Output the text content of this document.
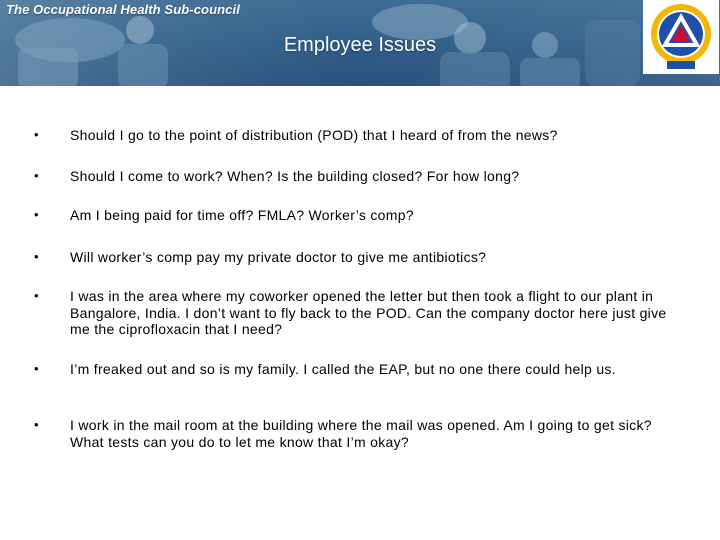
The Occupational Health Sub-council
Employee Issues
• Should I go to the point of distribution (POD) that I heard of from the news?
• Should I come to work? When? Is the building closed? For how long?
• Am I being paid for time off? FMLA? Worker’s comp?
• Will worker’s comp pay my private doctor to give me antibiotics?
• I was in the area where my coworker opened the letter but then took a flight to our plant in Bangalore, India. I don’t want to fly back to the POD. Can the company doctor here just give me the ciprofloxacin that I need?
• I’m freaked out and so is my family. I called the EAP, but no one there could help us.
• I work in the mail room at the building where the mail was opened. Am I going to get sick? What tests can you do to let me know that I’m okay?
